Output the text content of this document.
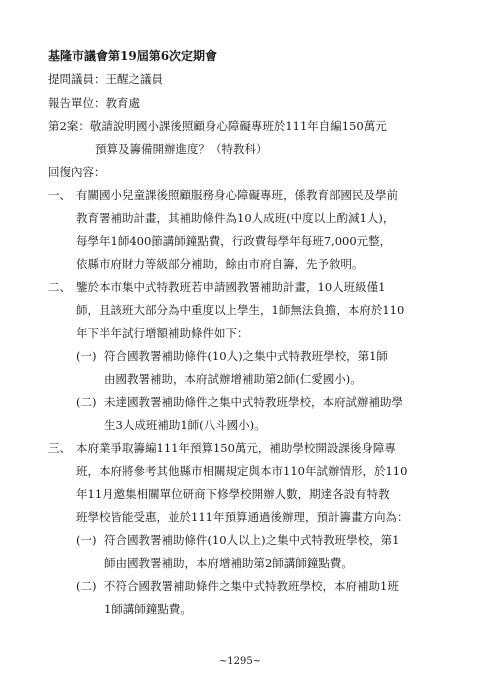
基隆市議會第19屆第6次定期會
提問議員：王醒之議員
報告單位：教育處
第2案：敬請說明國小課後照顧身心障礙專班於111年自編150萬元
預算及籌備開辦進度？（特教科）
回復內容：
一、 有關國小兒童課後照顧服務身心障礙專班，係教育部國民及學前
教育署補助計畫，其補助條件為10人成班(中度以上酌減1人)，
每學年1師400節講師鐘點費，行政費每學年每班7,000元整，
依縣市府財力等級部分補助，餘由市府自籌，先予敘明。
二、 鑒於本市集中式特教班若申請國教署補助計畫，10人班級僅1
師，且該班大部分為中重度以上學生，1師無法負擔，本府於110
年下半年試行增額補助條件如下：
(一) 符合國教署補助條件(10人)之集中式特教班學校，第1師
由國教署補助，本府試辦增補助第2師(仁愛國小)。
(二) 未達國教署補助條件之集中式特教班學校，本府試辦補助學
生3人成班補助1師(八斗國小)。
三、 本府業爭取籌編111年預算150萬元，補助學校開設課後身障專
班，本府將參考其他縣市相關規定與本市110年試辦情形，於110
年11月邀集相關單位研商下修學校開辦人數，期達各設有特教
班學校皆能受惠，並於111年預算通過後辦理，預計籌畫方向為：
(一) 符合國教署補助條件(10人以上)之集中式特教班學校，第1
師由國教署補助，本府增補助第2師講師鐘點費。
(二) 不符合國教署補助條件之集中式特教班學校，本府補助1班
1師講師鐘點費。
~1295~
